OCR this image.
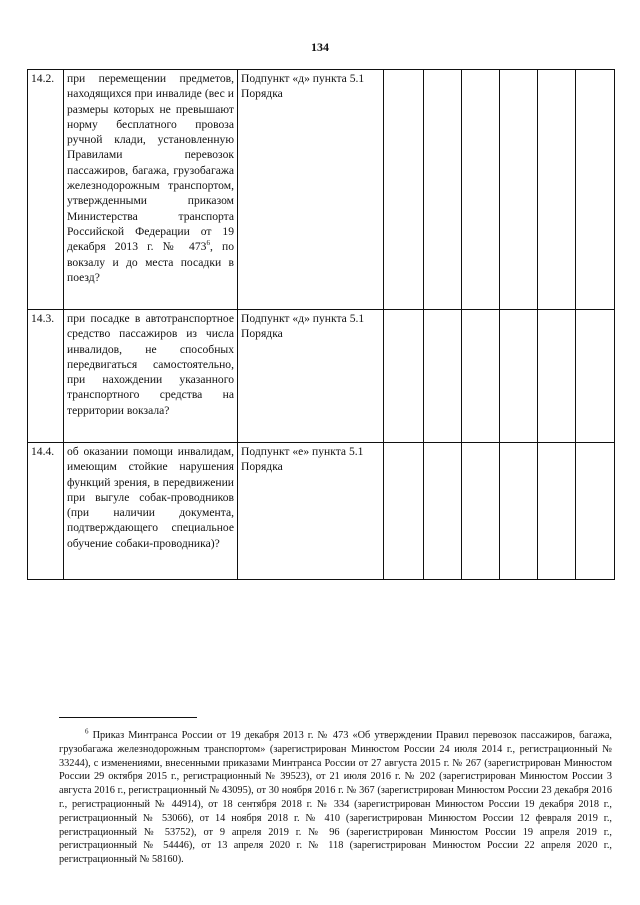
134
14.2.	при перемещении предметов, находящихся при инвалиде (вес и размеры которых не превышают норму бесплатного провоза ручной клади, установленную Правилами перевозок пассажиров, багажа, грузобагажа железнодорожным транспортом, утвержденными приказом Министерства транспорта Российской Федерации от 19 декабря 2013 г. № $473^6$, по вокзалу и до места посадки в поезд?	Подпункт «д» пункта 5.1 Порядка						
14.3.	при посадке в автотранспортное средство пассажиров из числа инвалидов, не способных передвигаться самостоятельно, при нахождении указанного транспортного средства на территории вокзала?	Подпункт «д» пункта 5.1 Порядка						
14.4.	об оказании помощи инвалидам, имеющим стойкие нарушения функций зрения, в передвижении при выгуле собак-проводников (при наличии документа, подтверждающего специальное обучение собаки-проводника)?	Подпункт «е» пункта 5.1 Порядка						
$^6$ Приказ Минтранса России от 19 декабря 2013 г. № 473 «Об утверждении Правил перевозок пассажиров, багажа, грузобагажа железнодорожным транспортом» (зарегистрирован Минюстом России 24 июля 2014 г., регистрационный № 33244), с изменениями, внесенными приказами Минтранса России от 27 августа 2015 г. № 267 (зарегистрирован Минюстом России 29 октября 2015 г., регистрационный № 39523), от 21 июля 2016 г. № 202 (зарегистрирован Минюстом России 3 августа 2016 г., регистрационный № 43095), от 30 ноября 2016 г. № 367 (зарегистрирован Минюстом России 23 декабря 2016 г., регистрационный № 44914), от 18 сентября 2018 г. № 334 (зарегистрирован Минюстом России 19 декабря 2018 г., регистрационный № 53066), от 14 ноября 2018 г. № 410 (зарегистрирован Минюстом России 12 февраля 2019 г., регистрационный № 53752), от 9 апреля 2019 г. № 96 (зарегистрирован Минюстом России 19 апреля 2019 г., регистрационный № 54446), от 13 апреля 2020 г. № 118 (зарегистрирован Минюстом России 22 апреля 2020 г., регистрационный № 58160).
